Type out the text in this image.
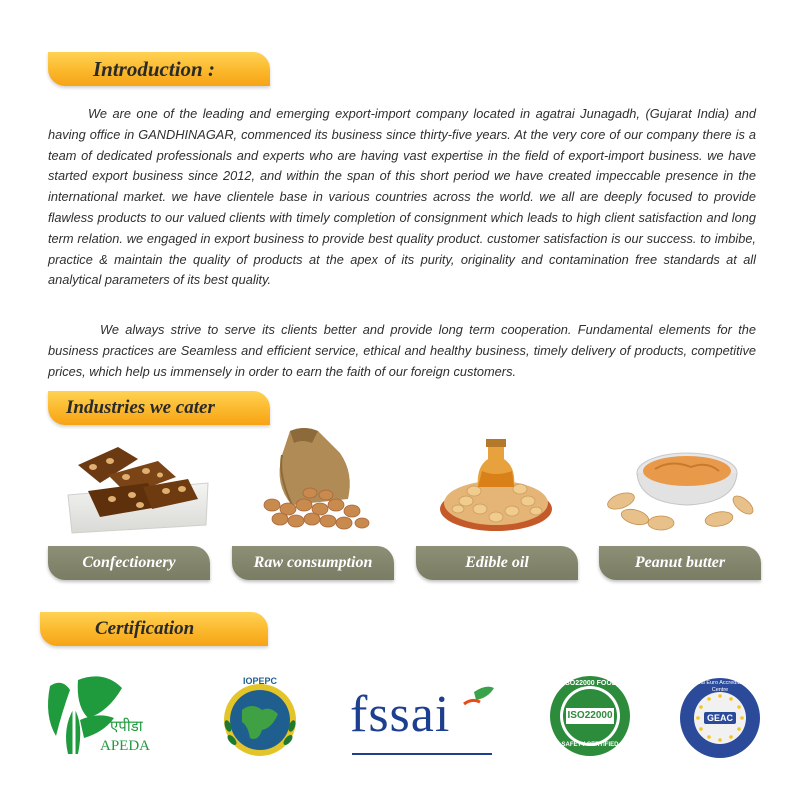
Introduction :

We are one of the leading and emerging export-import company located in agatrai Junagadh, (Gujarat India) and having office in GANDHINAGAR, commenced its business since thirty-five years. At the very core of our company there is a team of dedicated professionals and experts who are having vast expertise in the field of export-import business. we have started export business since 2012, and within the span of this short period we have created impeccable presence in the international market. we have clientele base in various countries across the world. we all are deeply focused to provide flawless products to our valued clients with timely completion of consignment which leads to high client satisfaction and long term relation. we engaged in export business to provide best quality product. customer satisfaction is our success. to imbibe, practice & maintain the quality of products at the apex of its purity, originality and contamination free standards at all analytical parameters of its best quality.

We always strive to serve its clients better and provide long term cooperation. Fundamental elements for the business practices are Seamless and efficient service, ethical and healthy business, timely delivery of products, competitive prices, which help us immensely in order to earn the faith of our foreign customers.

Industries we cater
Confectionery	Raw consumption	Edible oil	Peanut butter
Certification
एपीडा
APEDA
IOPEPC
fssai
ISO22000 FOOD
ISO22000
SAFETY CERTIFIED
Global Euro Accreditation Centre
GEAC
